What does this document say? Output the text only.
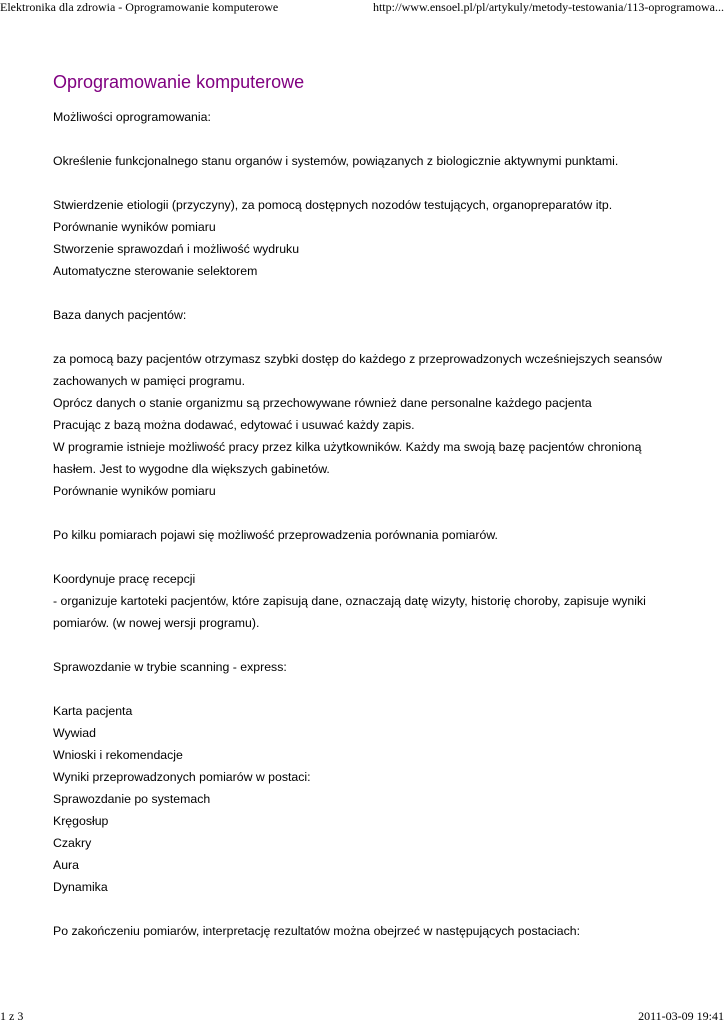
Elektronika dla zdrowia - Oprogramowanie komputerowe	http://www.ensoel.pl/pl/artykuly/metody-testowania/113-oprogramowa...
Oprogramowanie komputerowe

Możliwości oprogramowania:

Określenie funkcjonalnego stanu organów i systemów, powiązanych z biologicznie aktywnymi punktami.

Stwierdzenie etiologii (przyczyny), za pomocą dostępnych nozodów testujących, organopreparatów itp.

Porównanie wyników pomiaru

Stworzenie sprawozdań i możliwość wydruku

Automatyczne sterowanie selektorem

Baza danych pacjentów:

za pomocą bazy pacjentów otrzymasz szybki dostęp do każdego z przeprowadzonych wcześniejszych seansów zachowanych w pamięci programu.

Oprócz danych o stanie organizmu są przechowywane również dane personalne każdego pacjenta

Pracując z bazą można dodawać, edytować i usuwać każdy zapis.

W programie istnieje możliwość pracy przez kilka użytkowników. Każdy ma swoją bazę pacjentów chronioną hasłem. Jest to wygodne dla większych gabinetów.

Porównanie wyników pomiaru

Po kilku pomiarach pojawi się możliwość przeprowadzenia porównania pomiarów.

Koordynuje pracę recepcji

- organizuje kartoteki pacjentów, które zapisują dane, oznaczają datę wizyty, historię choroby, zapisuje wyniki pomiarów. (w nowej wersji programu).

Sprawozdanie w trybie scanning - express:

Karta pacjenta

Wywiad

Wnioski i rekomendacje

Wyniki przeprowadzonych pomiarów w postaci:

Sprawozdanie po systemach

Kręgosłup

Czakry

Aura

Dynamika

Po zakończeniu pomiarów, interpretację rezultatów można obejrzeć w następujących postaciach:

1 z 3	2011-03-09 19:41
